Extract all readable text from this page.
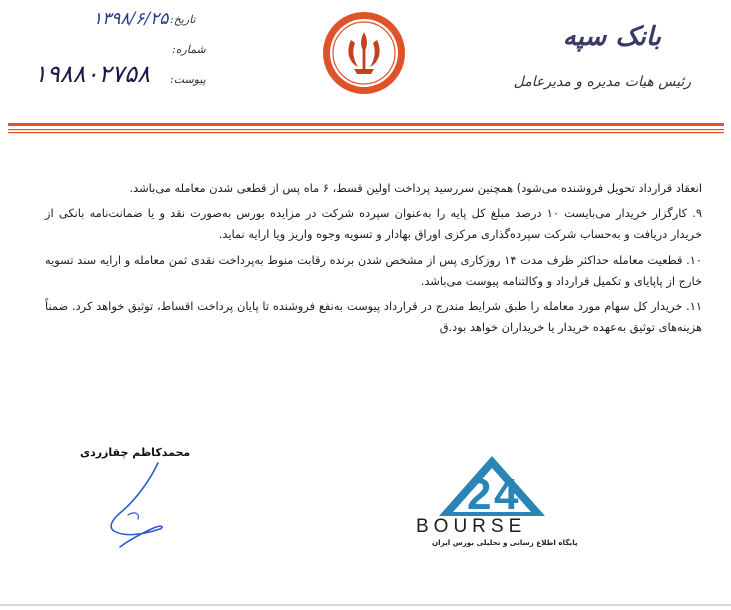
۱۳۹۸/۶/۲۵ تاریخ:
شماره:
پیوست:
۱۹۸۸۰۲۷۵۸
بانک سپه
رئیس هیات مدیره و مدیرعامل

انعقاد قرارداد تحویل فروشنده می‌شود) همچنین سررسید پرداخت اولین قسط، ۶ ماه پس از قطعی شدن معامله می‌باشد.

۹. کارگزار خریدار می‌بایست ۱۰ درصد مبلغ کل پایه را به‌عنوان سپرده شرکت در مزایده بورس به‌صورت نقد و یا ضمانت‌نامه بانکی از خریدار دریافت و به‌حساب شرکت سپرده‌گذاری مرکزی اوراق بهادار و تسویه وجوه واریز ویا ارایه نماید.

۱۰. قطعیت معامله حداکثر ظرف مدت ۱۴ روزکاری پس از مشخص شدن برنده رقابت منوط به‌پرداخت نقدی ثمن معامله و ارایه سند تسویه خارج از پاپایای و تکمیل قرارداد و وکالتنامه پیوست می‌باشد.

۱۱. خریدار کل سهام مورد معامله را طبق شرایط مندرج در قرارداد پیوست به‌نفع فروشنده تا پایان پرداخت اقساط، توثیق خواهد کرد. ضمناً هزینه‌های توثیق به‌عهده خریدار یا خریداران خواهد بود.ق

محمدکاظم چقازردی
2 4
BOURSE
پایگاه اطلاع رسانی و تحلیلی بورس ایران
